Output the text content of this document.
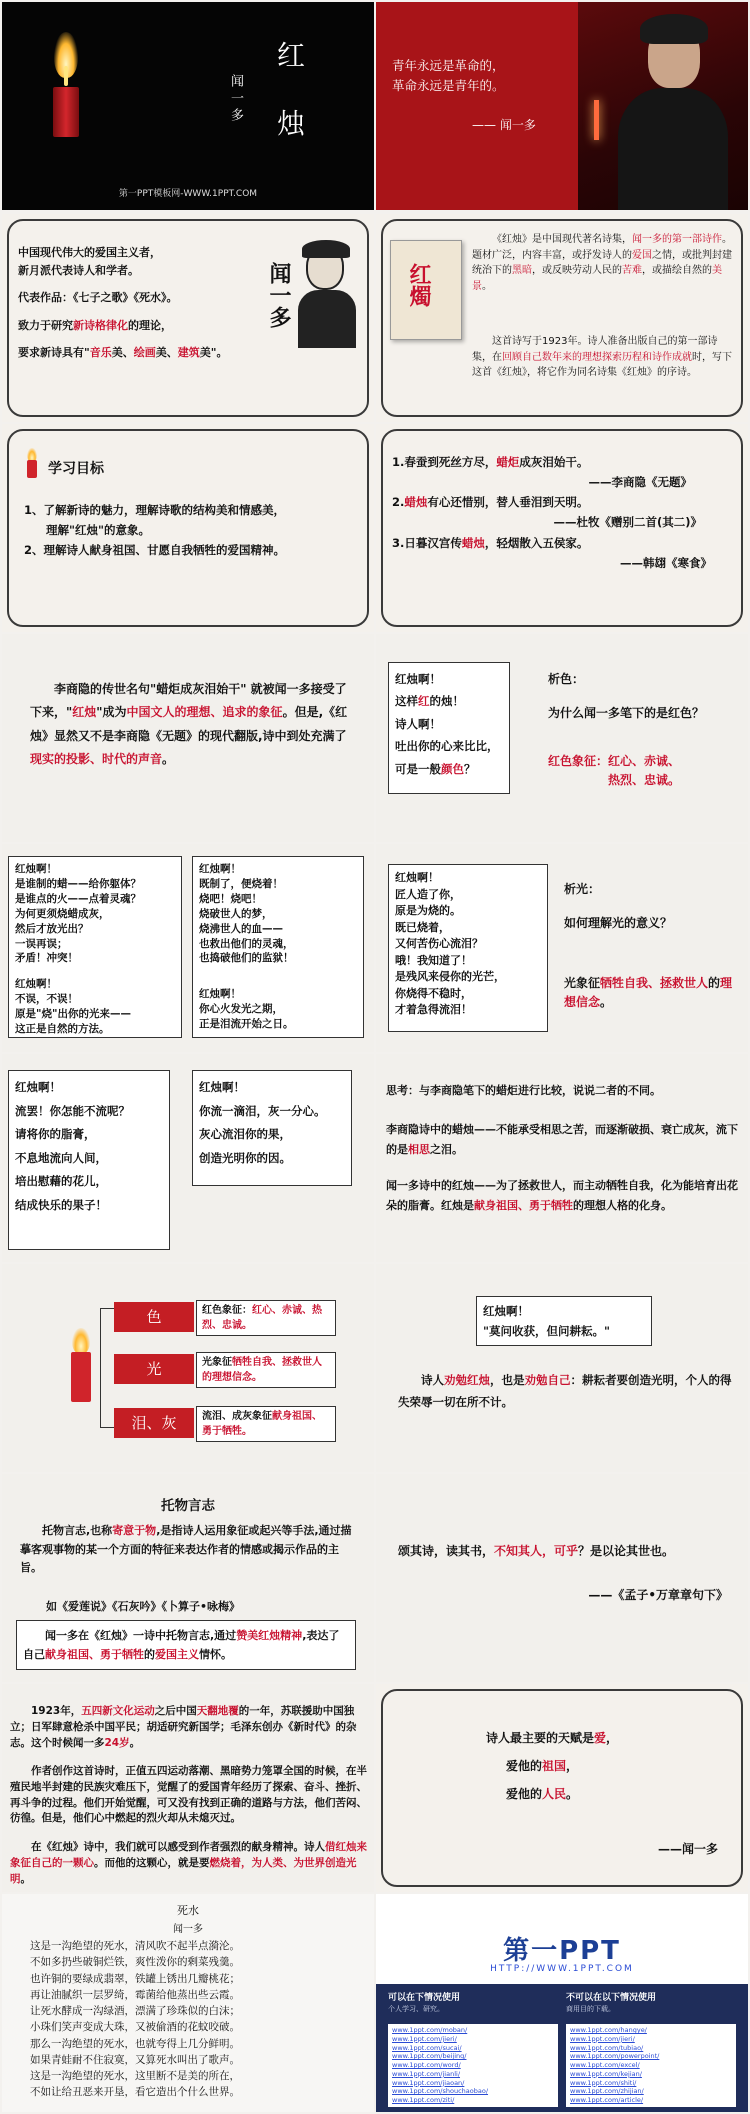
红
烛
闻一多
第一PPT模板网-WWW.1PPT.COM
青年永远是革命的，
革命永远是青年的。
—— 闻一多
中国现代伟大的爱国主义者，
新月派代表诗人和学者。
代表作品：《七子之歌》《死水》。
致力于研究新诗格律化的理论，
要求新诗具有"音乐美、绘画美、建筑美"。
闻一多	红燭
《红烛》是中国现代著名诗集，闻一多的第一部诗作。题材广泛，内容丰富，或抒发诗人的爱国之情，或批判封建统治下的黑暗，或反映劳动人民的苦难，或描绘自然的美景。
这首诗写于1923年。诗人准备出版自己的第一部诗集，在回顾自己数年来的理想探索历程和诗作成就时，写下这首《红烛》，将它作为同名诗集《红烛》的序诗。
学习目标
1、了解新诗的魅力，理解诗歌的结构美和情感美，
理解"红烛"的意象。
2、理解诗人献身祖国、甘愿自我牺牲的爱国精神。
1.春蚕到死丝方尽，蜡炬成灰泪始干。
——李商隐《无题》
2.蜡烛有心还惜别，替人垂泪到天明。
——杜牧《赠别二首(其二)》
3.日暮汉宫传蜡烛，轻烟散入五侯家。
——韩翃《寒食》
李商隐的传世名句"蜡炬成灰泪始干" 就被闻一多接受了下来，"红烛"成为中国文人的理想、追求的象征。但是,《红烛》显然又不是李商隐《无题》的现代翻版,诗中到处充满了现实的投影、时代的声音。
红烛啊！
这样红的烛！
诗人啊！
吐出你的心来比比，
可是一般颜色？
析色：
为什么闻一多笔下的是红色？
红色象征：红心、赤诚、
热烈、忠诚。
红烛啊！
是谁制的蜡——给你躯体？
是谁点的火——点着灵魂？
为何更须烧蜡成灰，
然后才放光出？
一误再误；
矛盾！冲突！
红烛啊！
不误，不误！
原是"烧"出你的光来——
这正是自然的方法。
红烛啊！
既制了，便烧着！
烧吧！烧吧！
烧破世人的梦，
烧沸世人的血——
也救出他们的灵魂，
也捣破他们的监狱！
红烛啊！
你心火发光之期，
正是泪流开始之日。
红烛啊！
匠人造了你，
原是为烧的。
既已烧着，
又何苦伤心流泪？
哦！我知道了！
是残风来侵你的光芒，
你烧得不稳时，
才着急得流泪！
析光：
如何理解光的意义？
光象征牺牲自我、拯救世人的理想信念。
红烛啊！
流罢！你怎能不流呢？
请将你的脂膏，
不息地流向人间，
培出慰藉的花儿，
结成快乐的果子！
红烛啊！
你流一滴泪，灰一分心。
灰心流泪你的果，
创造光明你的因。
思考：与李商隐笔下的蜡炬进行比较，说说二者的不同。
李商隐诗中的蜡烛——不能承受相思之苦，而逐渐破损、衰亡成灰，流下的是相思之泪。
闻一多诗中的红烛——为了拯救世人，而主动牺牲自我，化为能培育出花朵的脂膏。红烛是献身祖国、勇于牺牲的理想人格的化身。
色	红色象征：红心、赤诚、热烈、忠诚。
光	光象征牺牲自我、拯救世人的理想信念。
泪、灰	流泪、成灰象征献身祖国、勇于牺牲。
红烛啊！
"莫问收获，但问耕耘。"
诗人劝勉红烛，也是劝勉自己：耕耘者要创造光明，个人的得失荣辱一切在所不计。
托物言志
托物言志,也称寄意于物,是指诗人运用象征或起兴等手法,通过描摹客观事物的某一个方面的特征来表达作者的情感或揭示作品的主旨。
如《爱莲说》《石灰吟》《卜算子•咏梅》
闻一多在《红烛》一诗中托物言志,通过赞美红烛精神,表达了自己献身祖国、勇于牺牲的爱国主义情怀。
颂其诗，读其书，不知其人，可乎？是以论其世也。
——《孟子•万章章句下》
1923年，五四新文化运动之后中国天翻地覆的一年，苏联援助中国独立；日军肆意枪杀中国平民；胡适研究新国学；毛泽东创办《新时代》的杂志。这个时候闻一多24岁。
作者创作这首诗时，正值五四运动落潮、黑暗势力笼罩全国的时候，在半殖民地半封建的民族灾难压下，觉醒了的爱国青年经历了探索、奋斗、挫折、再斗争的过程。他们开始觉醒，可又没有找到正确的道路与方法，他们苦闷、彷徨。但是，他们心中燃起的烈火却从未熄灭过。
在《红烛》诗中，我们就可以感受到作者强烈的献身精神。诗人借红烛来象征自己的一颗心。而他的这颗心，就是要燃烧着，为人类、为世界创造光明。
诗人最主要的天赋是爱，
爱他的祖国，
爱他的人民。
——闻一多
死水
闻一多
这是一沟绝望的死水，清风吹不起半点漪沦。
不如多扔些破铜烂铁，爽性泼你的剩菜残羹。
也许铜的要绿成翡翠，铁罐上锈出几瓣桃花；
再让油腻织一层罗绮，霉菌给他蒸出些云霞。
让死水酵成一沟绿酒，漂满了珍珠似的白沫；
小珠们笑声变成大珠，又被偷酒的花蚊咬破。
那么一沟绝望的死水，也就夸得上几分鲜明。
如果青蛙耐不住寂寞，又算死水叫出了歌声。
这是一沟绝望的死水，这里断不是美的所在，
不如让给丑恶来开垦，看它造出个什么世界。
第一PPT
HTTP://WWW.1PPT.COM
可以在下情况使用	不可以在以下情况使用
个人学习、研究。	商用目的下载。
www.1ppt.com/moban/
www.1ppt.com/jieri/
www.1ppt.com/sucai/
www.1ppt.com/beijing/
www.1ppt.com/word/
www.1ppt.com/jianli/
www.1ppt.com/jiaoan/
www.1ppt.com/shouchaobao/
www.1ppt.com/ziti/
www.1ppt.com/hangye/
www.1ppt.com/jieri/
www.1ppt.com/tubiao/
www.1ppt.com/powerpoint/
www.1ppt.com/excel/
www.1ppt.com/kejian/
www.1ppt.com/shiti/
www.1ppt.com/zhijian/
www.1ppt.com/article/
